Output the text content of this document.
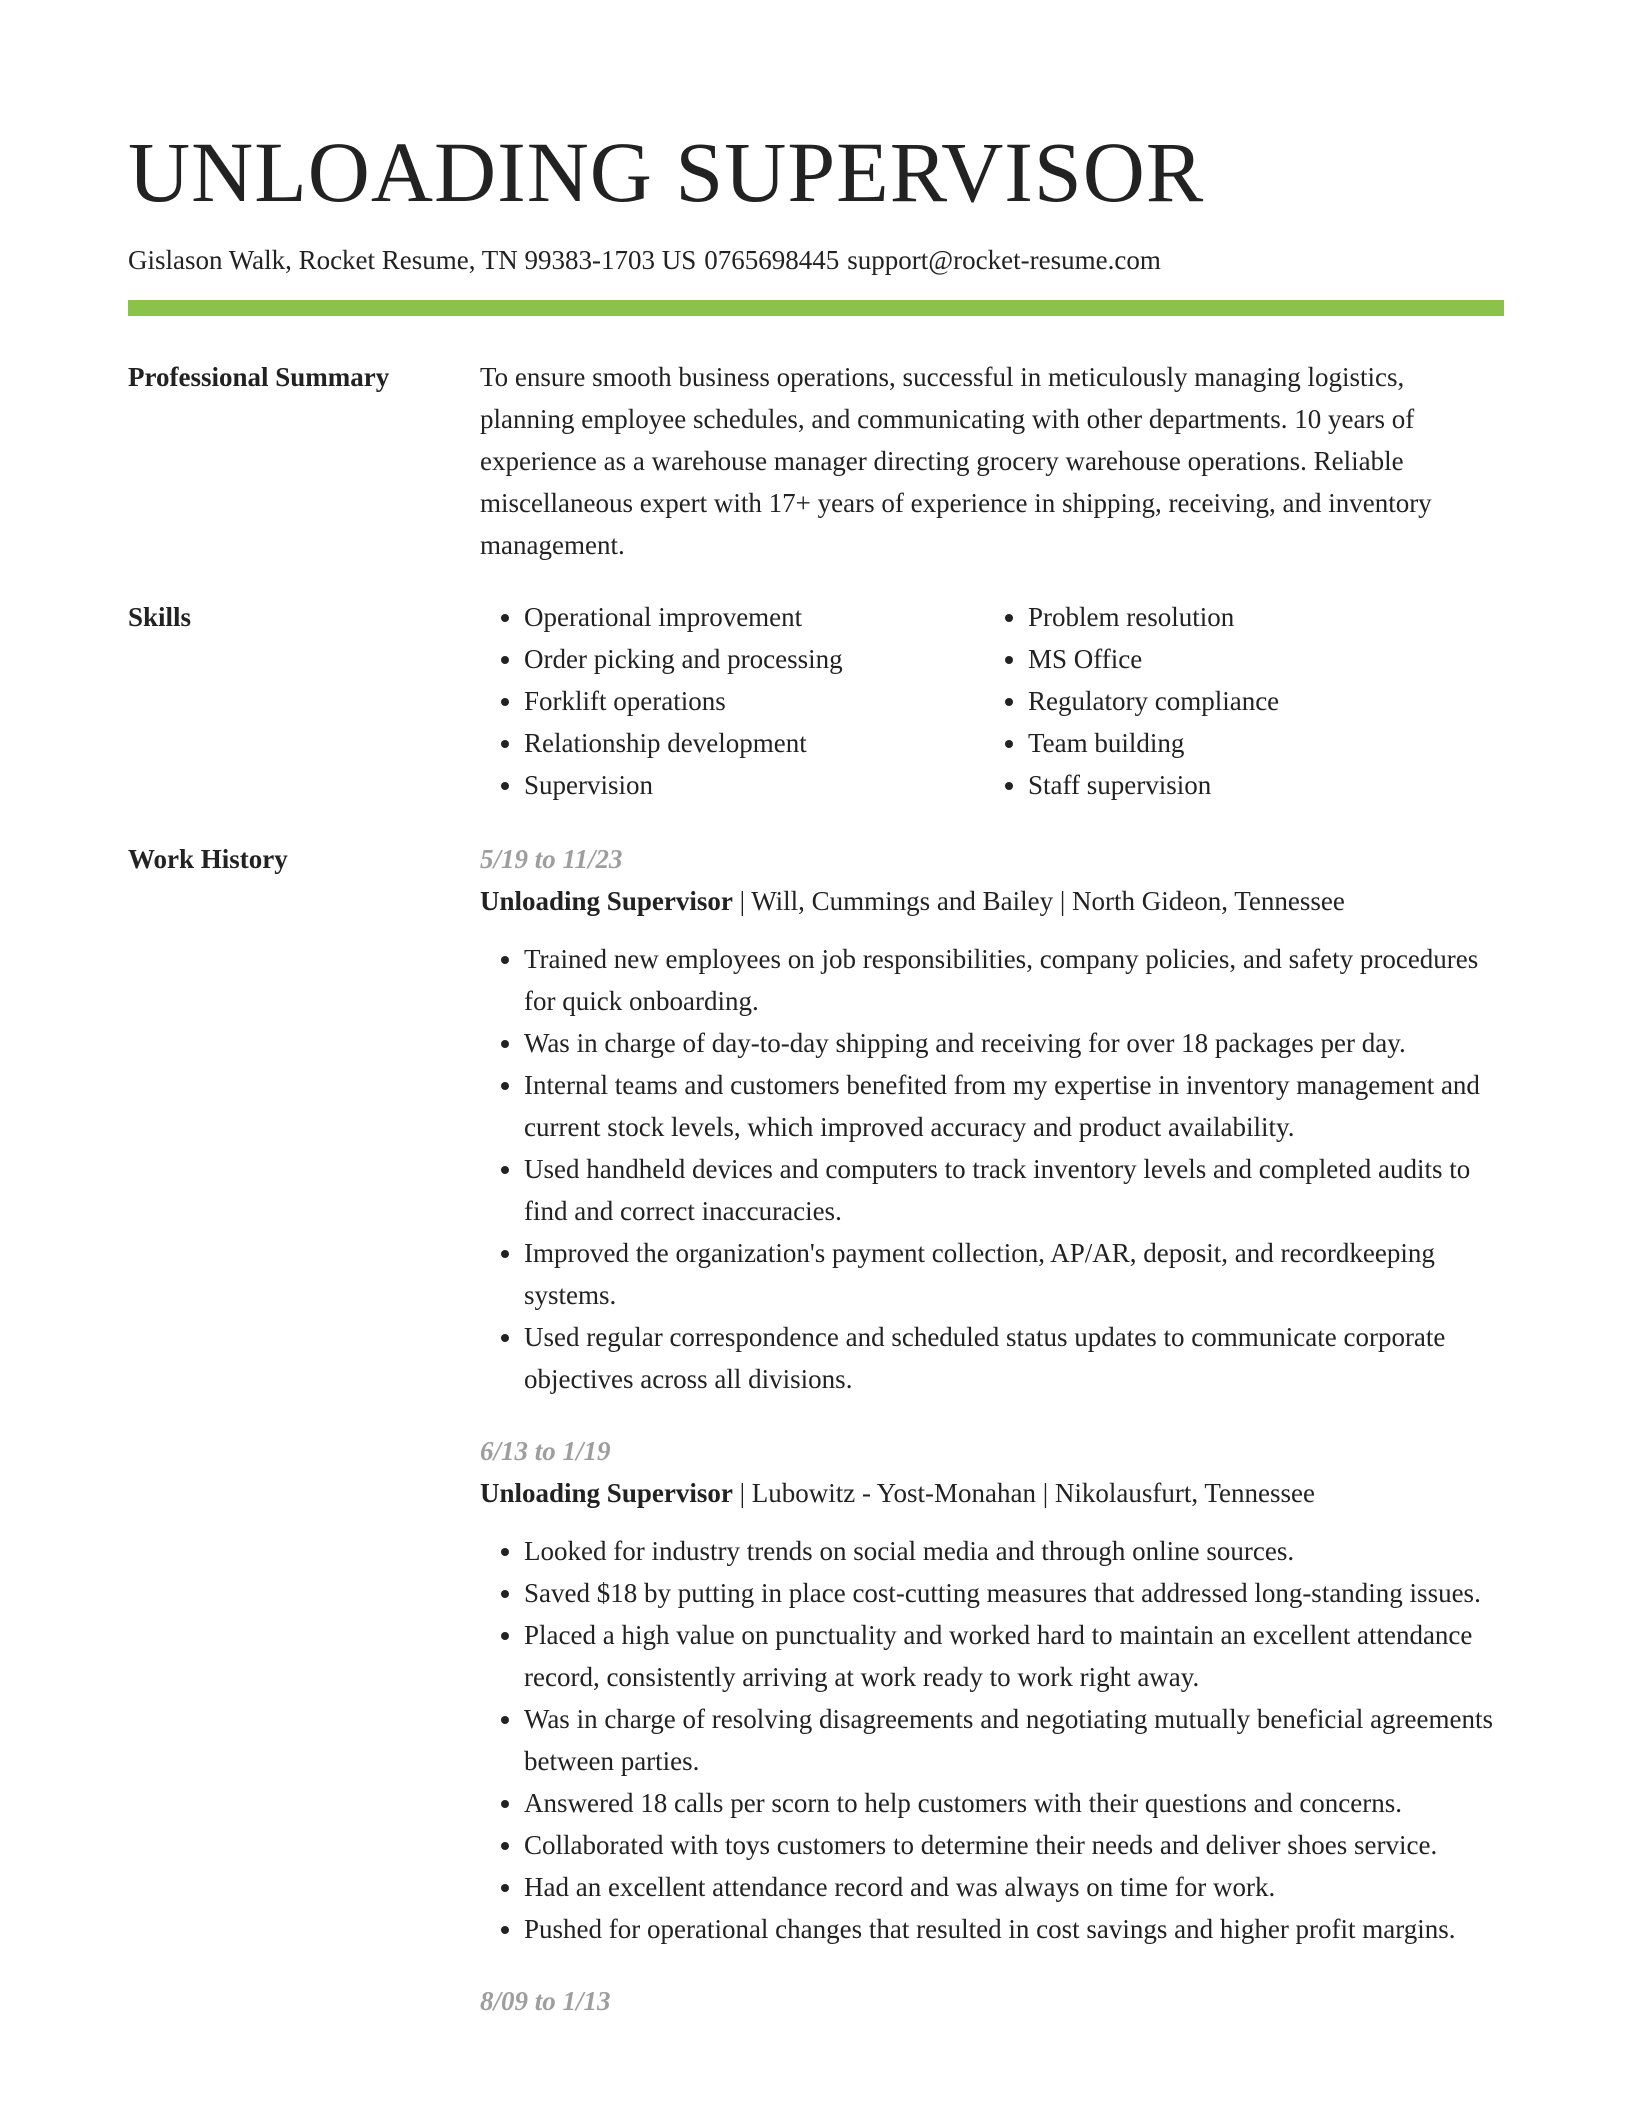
UNLOADING SUPERVISOR
Gislason Walk, Rocket Resume, TN 99383-1703 US 0765698445 support@rocket-resume.com
Professional Summary	To ensure smooth business operations, successful in meticulously managing logistics, planning employee schedules, and communicating with other departments. 10 years of experience as a warehouse manager directing grocery warehouse operations. Reliable miscellaneous expert with 17+ years of experience in shipping, receiving, and inventory management.

Skills
•	Operational improvement
• Order picking and processing
• Forklift operations
• Relationship development
• Supervision
• Problem resolution
• MS Office
• Regulatory compliance
• Team building
• Staff supervision
Work History	5/19 to 11/23
Unloading Supervisor | Will, Cummings and Bailey | North Gideon, Tennessee
• Trained new employees on job responsibilities, company policies, and safety procedures for quick onboarding.
• Was in charge of day-to-day shipping and receiving for over 18 packages per day.
• Internal teams and customers benefited from my expertise in inventory management and current stock levels, which improved accuracy and product availability.
• Used handheld devices and computers to track inventory levels and completed audits to find and correct inaccuracies.
• Improved the organization's payment collection, AP/AR, deposit, and recordkeeping systems.
• Used regular correspondence and scheduled status updates to communicate corporate objectives across all divisions.
6/13 to 1/19
Unloading Supervisor | Lubowitz - Yost-Monahan | Nikolausfurt, Tennessee
• Looked for industry trends on social media and through online sources.
• Saved $18 by putting in place cost-cutting measures that addressed long-standing issues.
• Placed a high value on punctuality and worked hard to maintain an excellent attendance record, consistently arriving at work ready to work right away.
• Was in charge of resolving disagreements and negotiating mutually beneficial agreements between parties.
• Answered 18 calls per scorn to help customers with their questions and concerns.
• Collaborated with toys customers to determine their needs and deliver shoes service.
• Had an excellent attendance record and was always on time for work.
• Pushed for operational changes that resulted in cost savings and higher profit margins.
8/09 to 1/13
